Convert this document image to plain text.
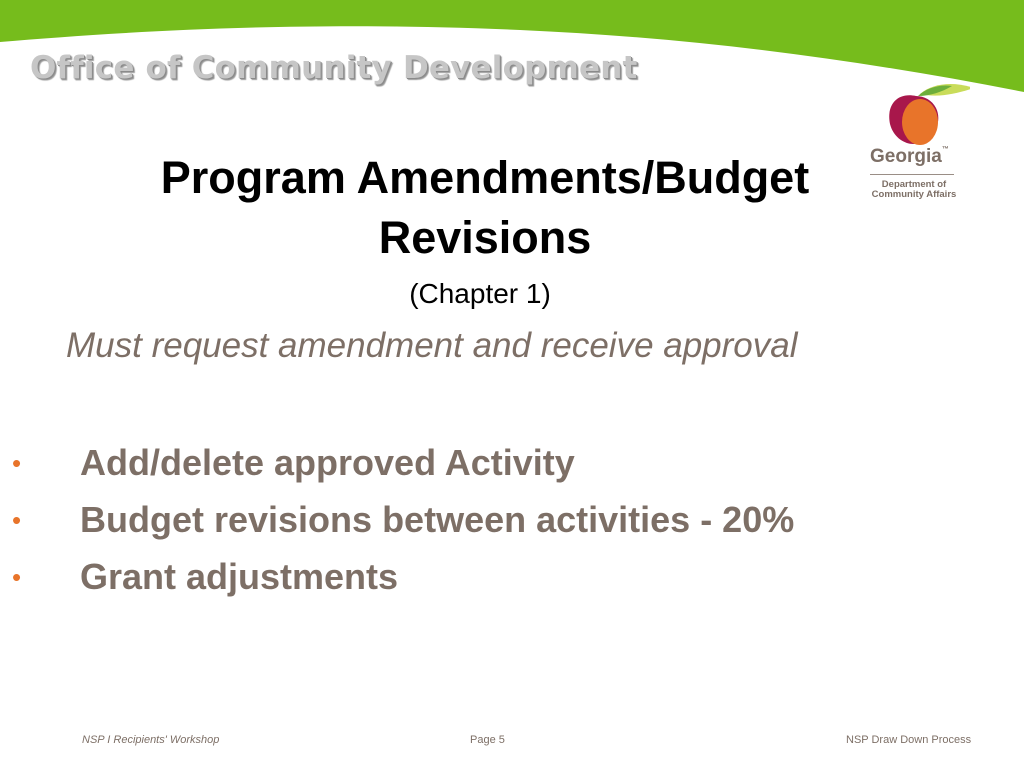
Office of Community Development
Georgia™
Department of
Community Affairs
Program Amendments/Budget
Revisions
(Chapter 1)
Must request amendment and receive approval
• Add/delete approved Activity
• Budget revisions between activities - 20%
• Grant adjustments
NSP I Recipients' Workshop	Page 5	NSP Draw Down Process
